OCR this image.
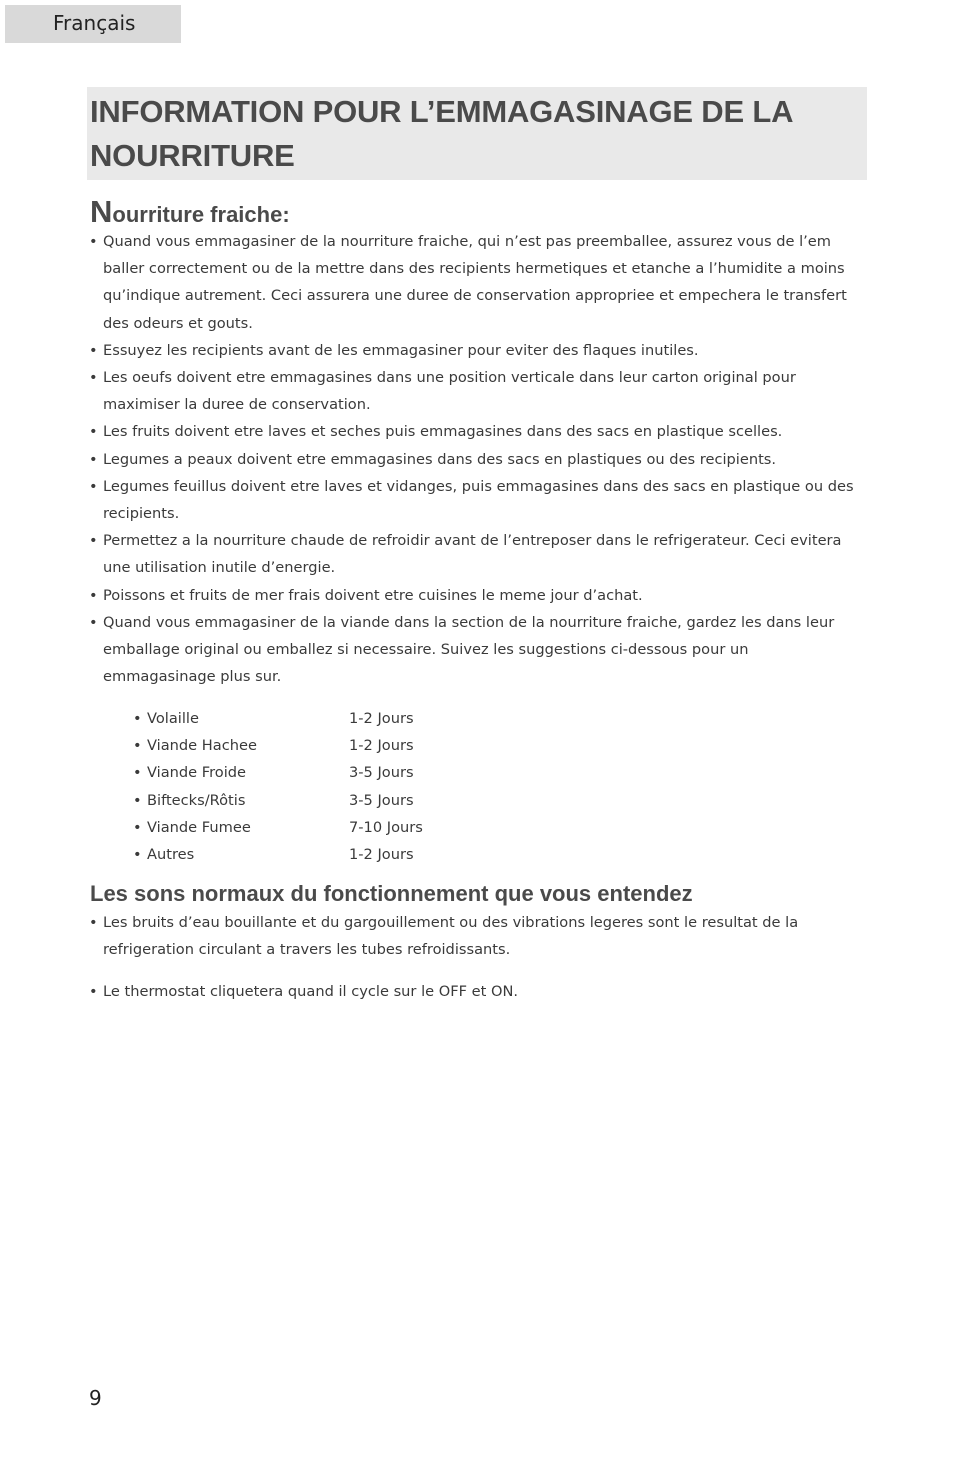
Français
INFORMATION POUR L’EMMAGASINAGE DE LA NOURRITURE
Nourriture fraiche:
• Quand vous emmagasiner de la nourriture fraiche, qui n’est pas preemballee, assurez vous de l’em baller correctement ou de la mettre dans des recipients hermetiques et etanche a l’humidite a moins qu’indique autrement. Ceci assurera une duree de conservation appropriee et empechera le transfert des odeurs et gouts.
• Essuyez les recipients avant de les emmagasiner pour eviter des flaques inutiles.
• Les oeufs doivent etre emmagasines dans une position verticale dans leur carton original pour maximiser la duree de conservation.
• Les fruits doivent etre laves et seches puis emmagasines dans des sacs en plastique scelles.
• Legumes a peaux doivent etre emmagasines dans des sacs en plastiques ou des recipients.
• Legumes feuillus doivent etre laves et vidanges, puis emmagasines dans des sacs en plastique ou des recipients.
• Permettez a la nourriture chaude de refroidir avant de l’entreposer dans le refrigerateur. Ceci evitera une utilisation inutile d’energie.
• Poissons et fruits de mer frais doivent etre cuisines le meme jour d’achat.
• Quand vous emmagasiner de la viande dans la section de la nourriture fraiche, gardez les dans leur emballage original ou emballez si necessaire. Suivez les suggestions ci-dessous pour un emmagasinage plus sur.
• Volaille	1-2 Jours
• Viande Hachee	1-2 Jours
• Viande Froide	3-5 Jours
• Biftecks/Rôtis	3-5 Jours
• Viande Fumee	7-10 Jours
• Autres	1-2 Jours
Les sons normaux du fonctionnement que vous entendez
• Les bruits d’eau bouillante et du gargouillement ou des vibrations legeres sont le resultat de la refrigeration circulant a travers les tubes refroidissants.
• Le thermostat cliquetera quand il cycle sur le OFF et ON.
9
